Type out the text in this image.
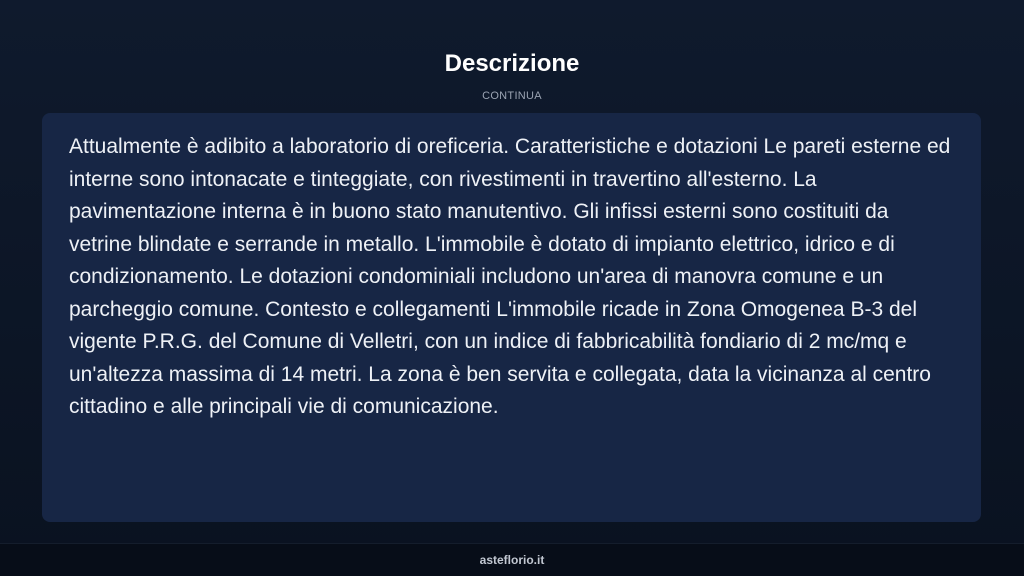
Descrizione
CONTINUA

Attualmente è adibito a laboratorio di oreficeria. Caratteristiche e dotazioni Le pareti esterne ed interne sono intonacate e tinteggiate, con rivestimenti in travertino all'esterno. La pavimentazione interna è in buono stato manutentivo. Gli infissi esterni sono costituiti da vetrine blindate e serrande in metallo. L'immobile è dotato di impianto elettrico, idrico e di condizionamento. Le dotazioni condominiali includono un'area di manovra comune e un parcheggio comune. Contesto e collegamenti L'immobile ricade in Zona Omogenea B-3 del vigente P.R.G. del Comune di Velletri, con un indice di fabbricabilità fondiario di 2 mc/mq e un'altezza massima di 14 metri. La zona è ben servita e collegata, data la vicinanza al centro cittadino e alle principali vie di comunicazione.

asteflorio.it
